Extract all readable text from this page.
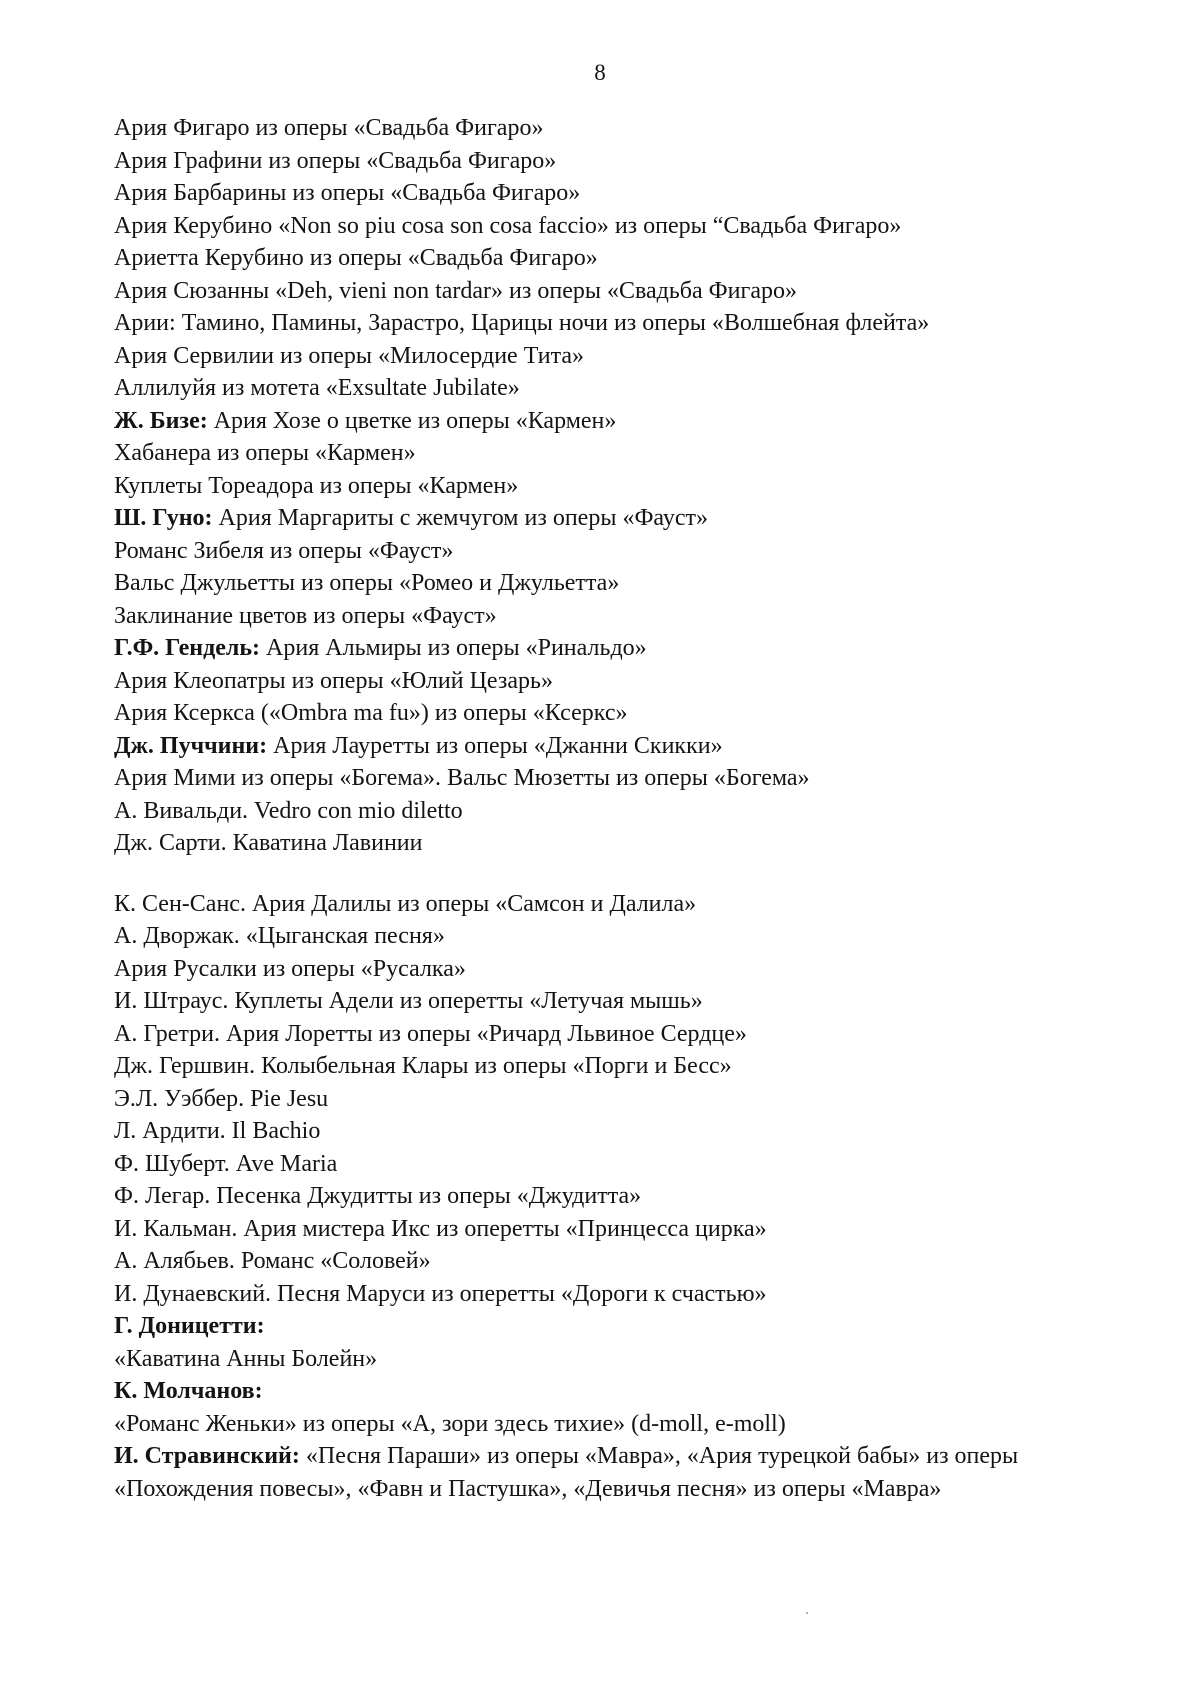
8
Ария Фигаро из оперы «Свадьба Фигаро»
Ария Графини из оперы «Свадьба Фигаро»
Ария Барбарины из оперы «Свадьба Фигаро»
Ария Керубино «Non so piu cosa son cosa faccio» из оперы “Свадьба Фигаро»
Ариетта Керубино из оперы «Свадьба Фигаро»
Ария Сюзанны «Deh, vieni non tardar» из оперы «Свадьба Фигаро»
Арии: Тамино, Памины, Зарастро, Царицы ночи из оперы «Волшебная флейта»
Ария Сервилии из оперы «Милосердие Тита»
Аллилуйя из мотета «Exsultate Jubilate»
Ж. Бизе: Ария Хозе о цветке из оперы «Кармен»
Хабанера из оперы «Кармен»
Куплеты Тореадора из оперы «Кармен»
Ш. Гуно: Ария Маргариты с жемчугом из оперы «Фауст»
Романс Зибеля из оперы «Фауст»
Вальс Джульетты из оперы «Ромео и Джульетта»
Заклинание цветов из оперы «Фауст»
Г.Ф. Гендель: Ария Альмиры из оперы «Ринальдо»
Ария Клеопатры из оперы «Юлий Цезарь»
Ария Ксеркса («Ombra ma fu») из оперы «Ксеркс»
Дж. Пуччини: Ария Лауретты из оперы «Джанни Скикки»
Ария Мими из оперы «Богема». Вальс Мюзетты из оперы «Богема»
А. Вивальди. Vedro con mio diletto
Дж. Сарти. Каватина Лавинии
К. Сен-Санс. Ария Далилы из оперы «Самсон и Далила»
А. Дворжак. «Цыганская песня»
Ария Русалки из оперы «Русалка»
И. Штраус. Куплеты Адели из оперетты «Летучая мышь»
А. Гретри. Ария Лоретты из оперы «Ричард Львиное Сердце»
Дж. Гершвин. Колыбельная Клары из оперы «Порги и Бесс»
Э.Л. Уэббер. Pie Jesu
Л. Ардити. Il Bachio
Ф. Шуберт. Ave Maria
Ф. Легар. Песенка Джудитты из оперы «Джудитта»
И. Кальман. Ария мистера Икс из оперетты «Принцесса цирка»
А. Алябьев. Романс «Соловей»
И. Дунаевский. Песня Маруси из оперетты «Дороги к счастью»
Г. Доницетти:
«Каватина Анны Болейн»
К. Молчанов:
«Романс Женьки» из оперы «А, зори здесь тихие» (d-moll, e-moll)
И. Стравинский: «Песня Параши» из оперы «Мавра», «Ария турецкой бабы» из оперы «Похождения повесы», «Фавн и Пастушка», «Девичья песня» из оперы «Мавра»
